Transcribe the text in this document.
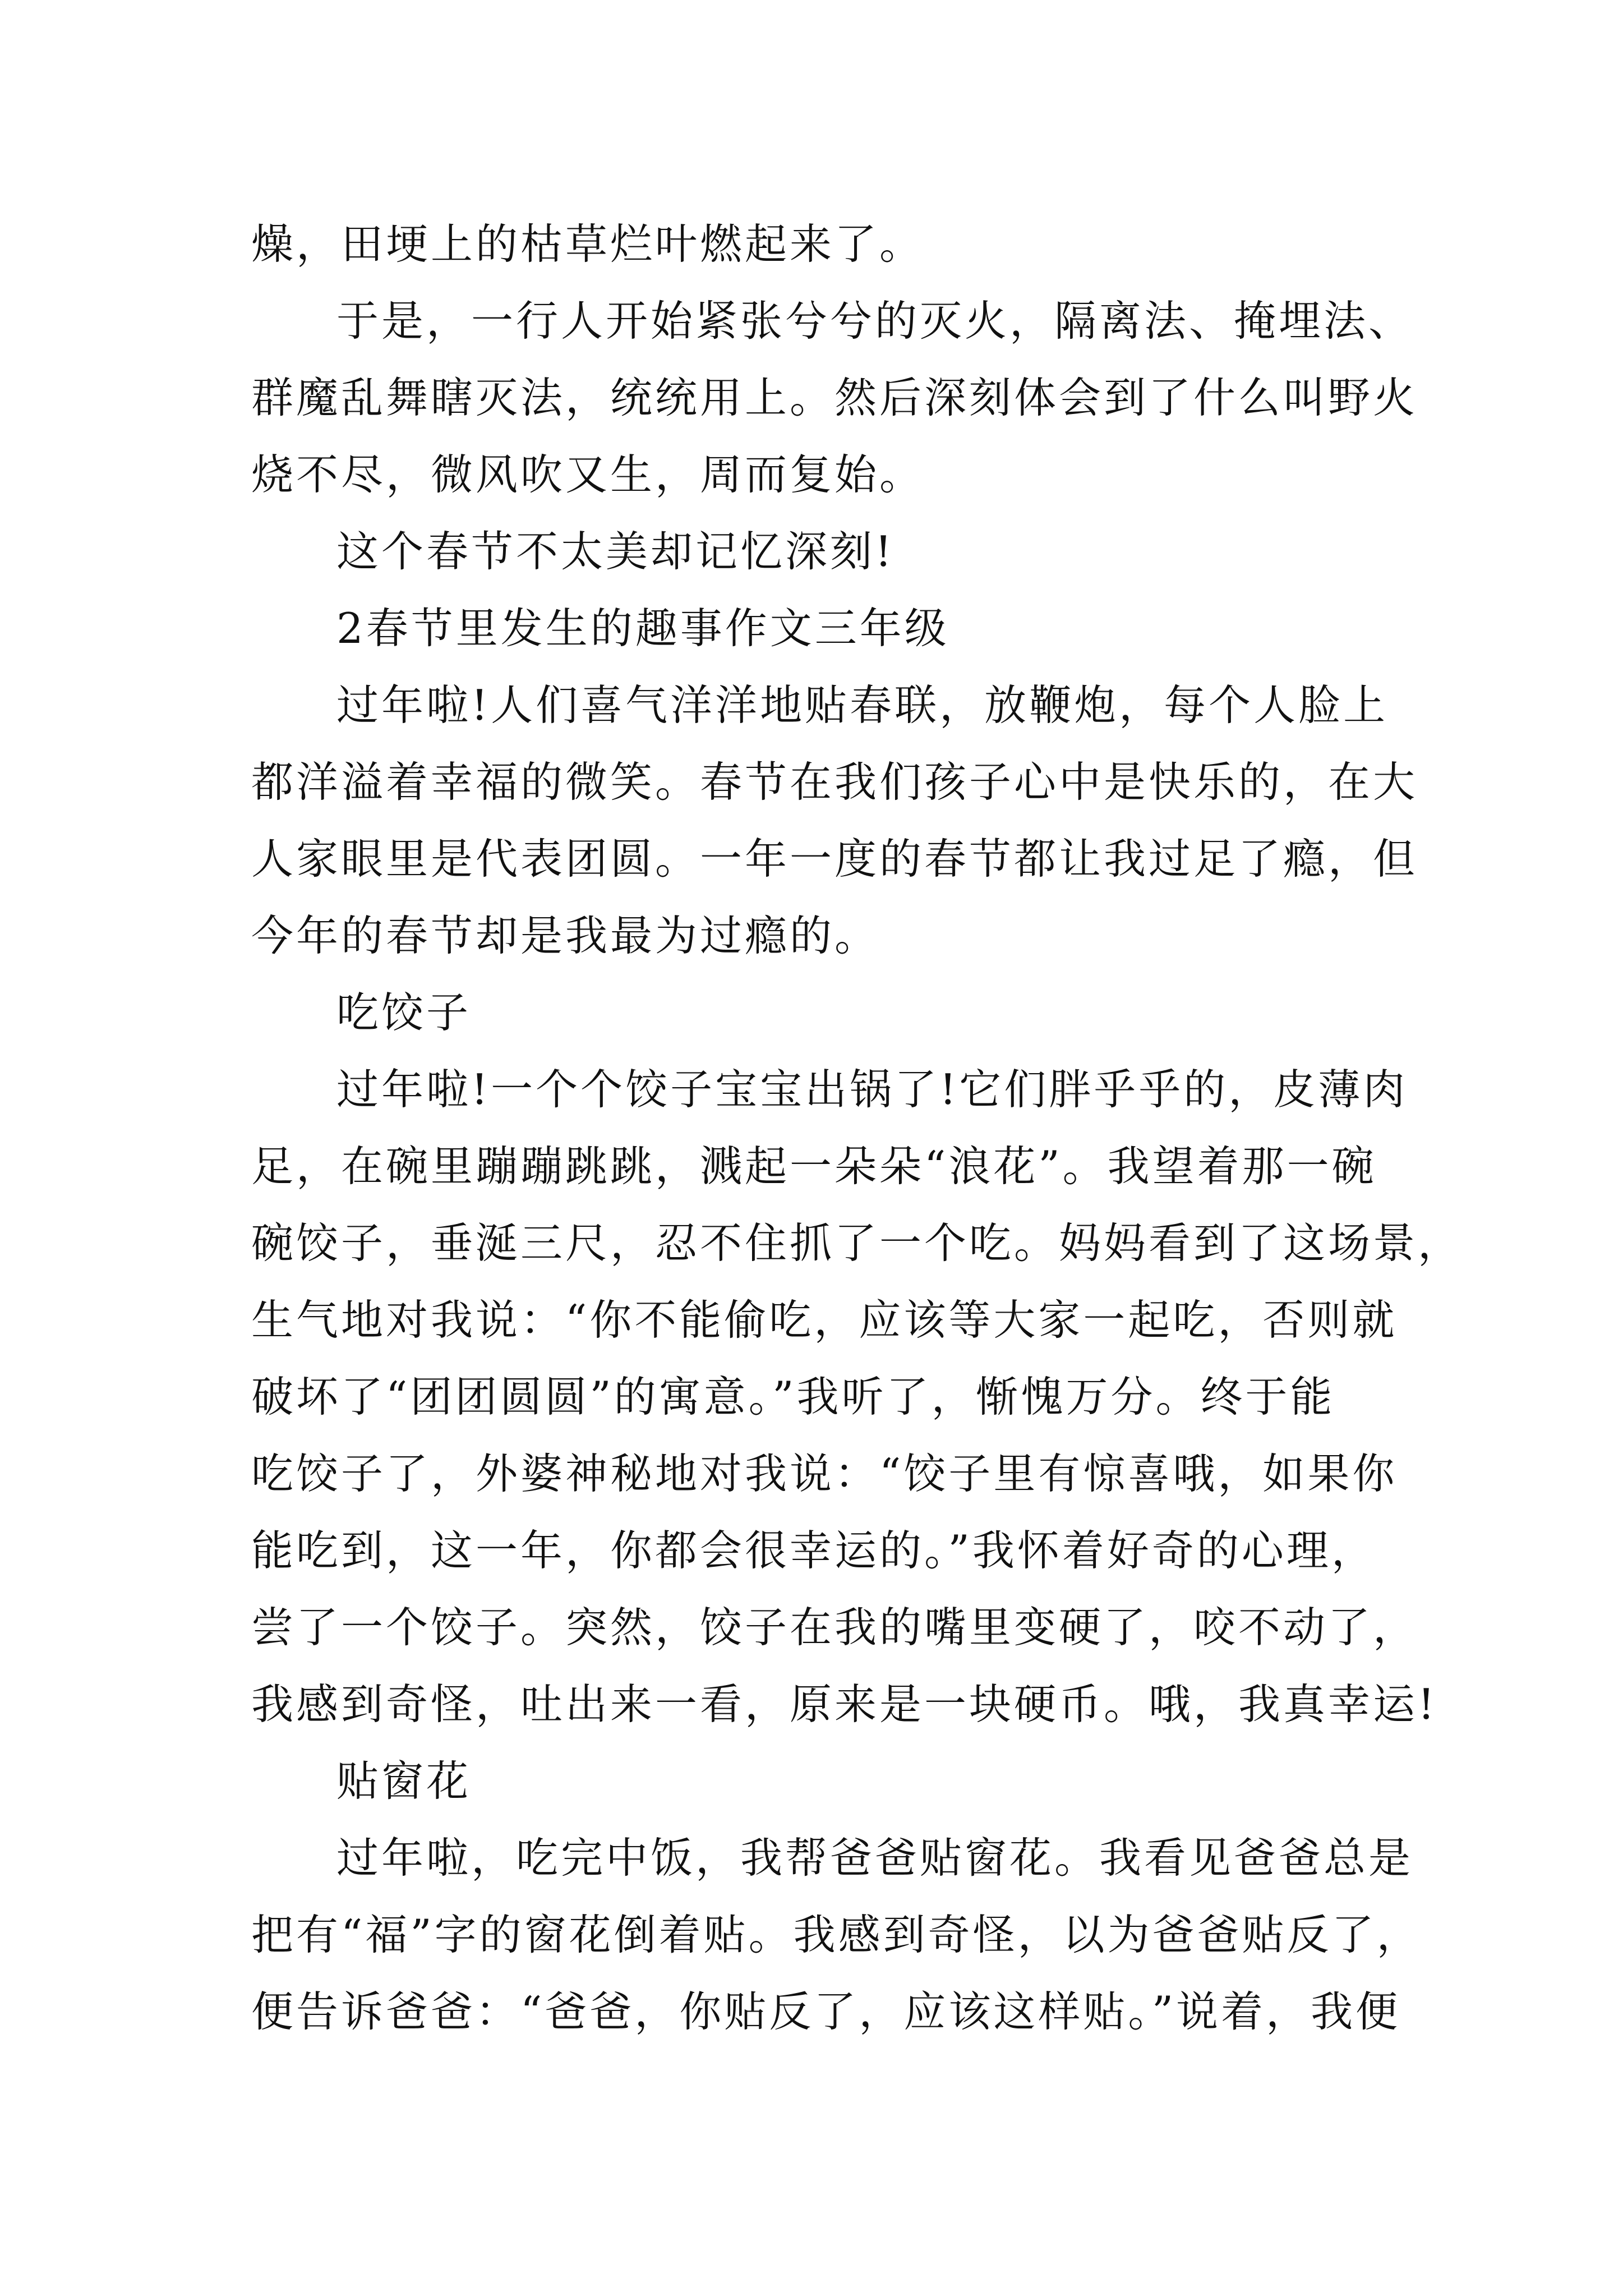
燥，田埂上的枯草烂叶燃起来了。
于是，一行人开始紧张兮兮的灭火，隔离法、掩埋法、
群魔乱舞瞎灭法，统统用上。然后深刻体会到了什么叫野火
烧不尽，微风吹又生，周而复始。
这个春节不太美却记忆深刻!
2春节里发生的趣事作文三年级
过年啦!人们喜气洋洋地贴春联，放鞭炮，每个人脸上
都洋溢着幸福的微笑。春节在我们孩子心中是快乐的，在大
人家眼里是代表团圆。一年一度的春节都让我过足了瘾，但
今年的春节却是我最为过瘾的。
吃饺子
过年啦!一个个饺子宝宝出锅了!它们胖乎乎的，皮薄肉
足，在碗里蹦蹦跳跳，溅起一朵朵“浪花”。我望着那一碗
碗饺子，垂涎三尺，忍不住抓了一个吃。妈妈看到了这场景，
生气地对我说：“你不能偷吃，应该等大家一起吃，否则就
破坏了“团团圆圆”的寓意。”我听了，惭愧万分。终于能
吃饺子了，外婆神秘地对我说：“饺子里有惊喜哦，如果你
能吃到，这一年，你都会很幸运的。”我怀着好奇的心理，
尝了一个饺子。突然，饺子在我的嘴里变硬了，咬不动了，
我感到奇怪，吐出来一看，原来是一块硬币。哦，我真幸运!
贴窗花
过年啦，吃完中饭，我帮爸爸贴窗花。我看见爸爸总是
把有“福”字的窗花倒着贴。我感到奇怪，以为爸爸贴反了，
便告诉爸爸：“爸爸，你贴反了，应该这样贴。”说着，我便
